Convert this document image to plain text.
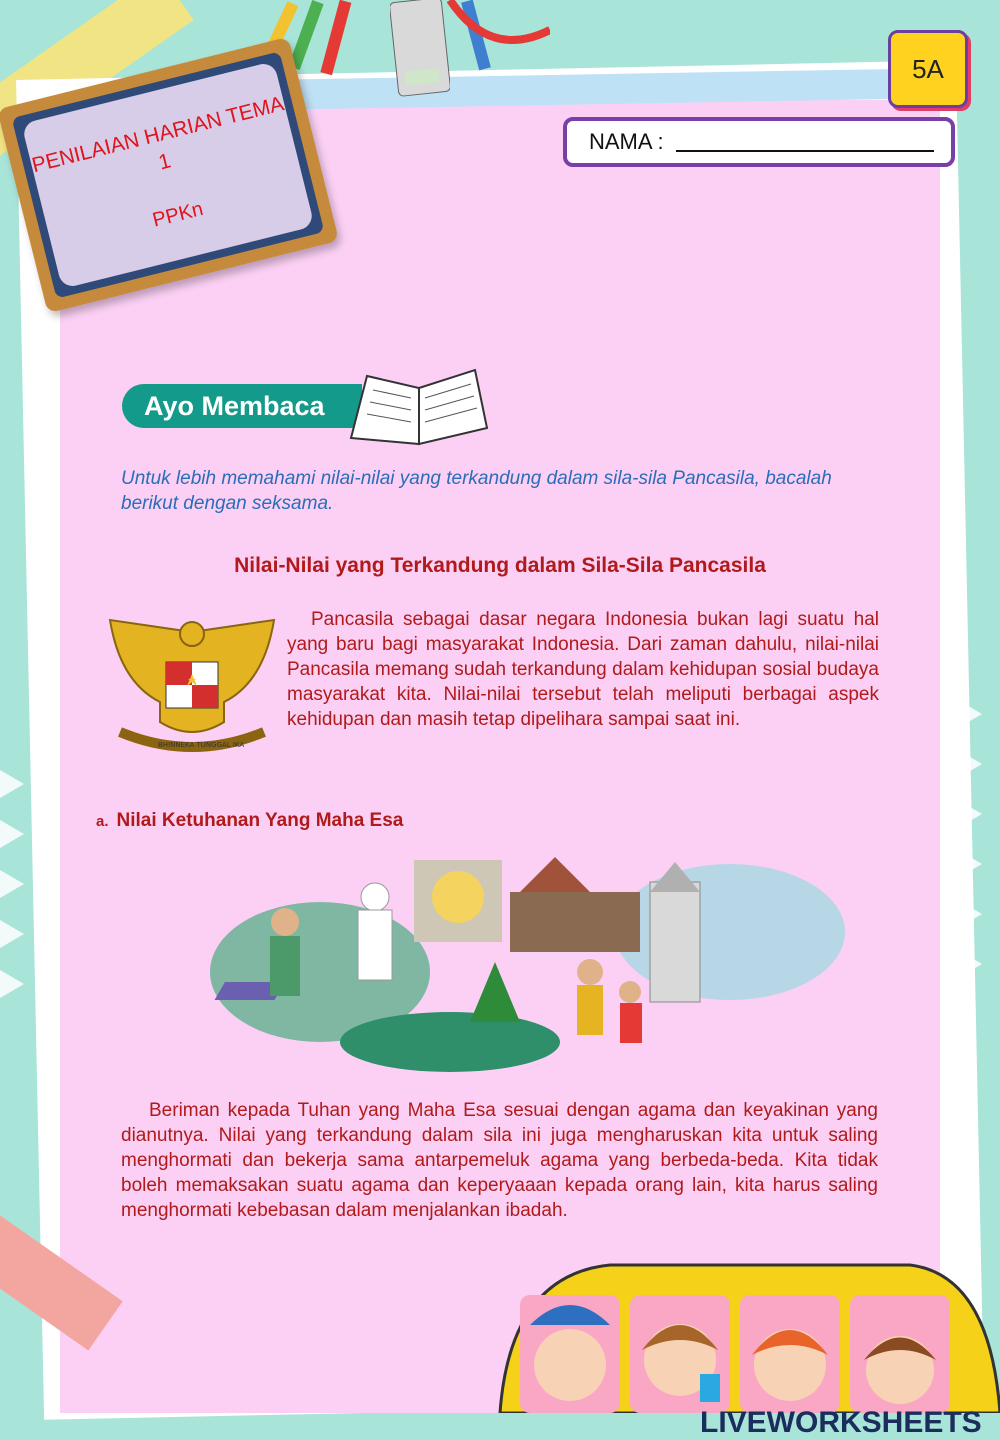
PENILAIAN HARIAN TEMA 1
PPKn
5A
NAMA :
Ayo Membaca
Untuk lebih memahami nilai-nilai yang terkandung dalam sila-sila Pancasila, bacalah berikut dengan seksama.
Nilai-Nilai yang Terkandung dalam Sila-Sila Pancasila
BHINNEKA TUNGGAL IKA
Pancasila sebagai dasar negara Indonesia bukan lagi suatu hal yang baru bagi masyarakat Indonesia. Dari zaman dahulu, nilai-nilai Pancasila memang sudah terkandung dalam kehidupan sosial budaya masyarakat kita. Nilai-nilai tersebut telah meliputi berbagai aspek kehidupan dan masih tetap dipelihara sampai saat ini.
a. Nilai Ketuhanan Yang Maha Esa
Beriman kepada Tuhan yang Maha Esa sesuai dengan agama dan keyakinan yang dianutnya. Nilai yang terkandung dalam sila ini juga mengharuskan kita untuk saling menghormati dan bekerja sama antarpemeluk agama yang berbeda-beda. Kita tidak boleh memaksakan suatu agama dan keperyaaan kepada orang lain, kita harus saling menghormati kebebasan dalam menjalankan ibadah.
LIVEWORKSHEETS
